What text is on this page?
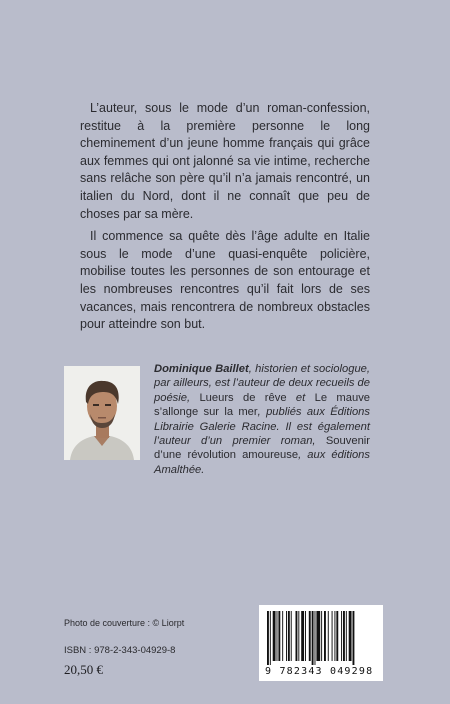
L’auteur, sous le mode d’un roman-confession, restitue à la première personne le long cheminement d’un jeune homme français qui grâce aux femmes qui ont jalonné sa vie intime, recherche sans relâche son père qu’il n’a jamais rencontré, un italien du Nord, dont il ne connaît que peu de choses par sa mère.

Il commence sa quête dès l’âge adulte en Italie sous le mode d’une quasi-enquête policière, mobilise toutes les personnes de son entourage et les nombreuses rencontres qu’il fait lors de ses vacances, mais rencontrera de nombreux obstacles pour atteindre son but.

Dominique Baillet, historien et sociologue, par ailleurs, est l’auteur de deux recueils de poésie, Lueurs de rêve et Le mauve s’allonge sur la mer, publiés aux Éditions Librairie Galerie Racine. Il est également l’auteur d’un premier roman, Souvenir d’une révolution amoureuse, aux éditions Amalthée.

Photo de couverture : © Liorpt
ISBN : 978-2-343-04929-8
20,50 €	9 782343 049298
